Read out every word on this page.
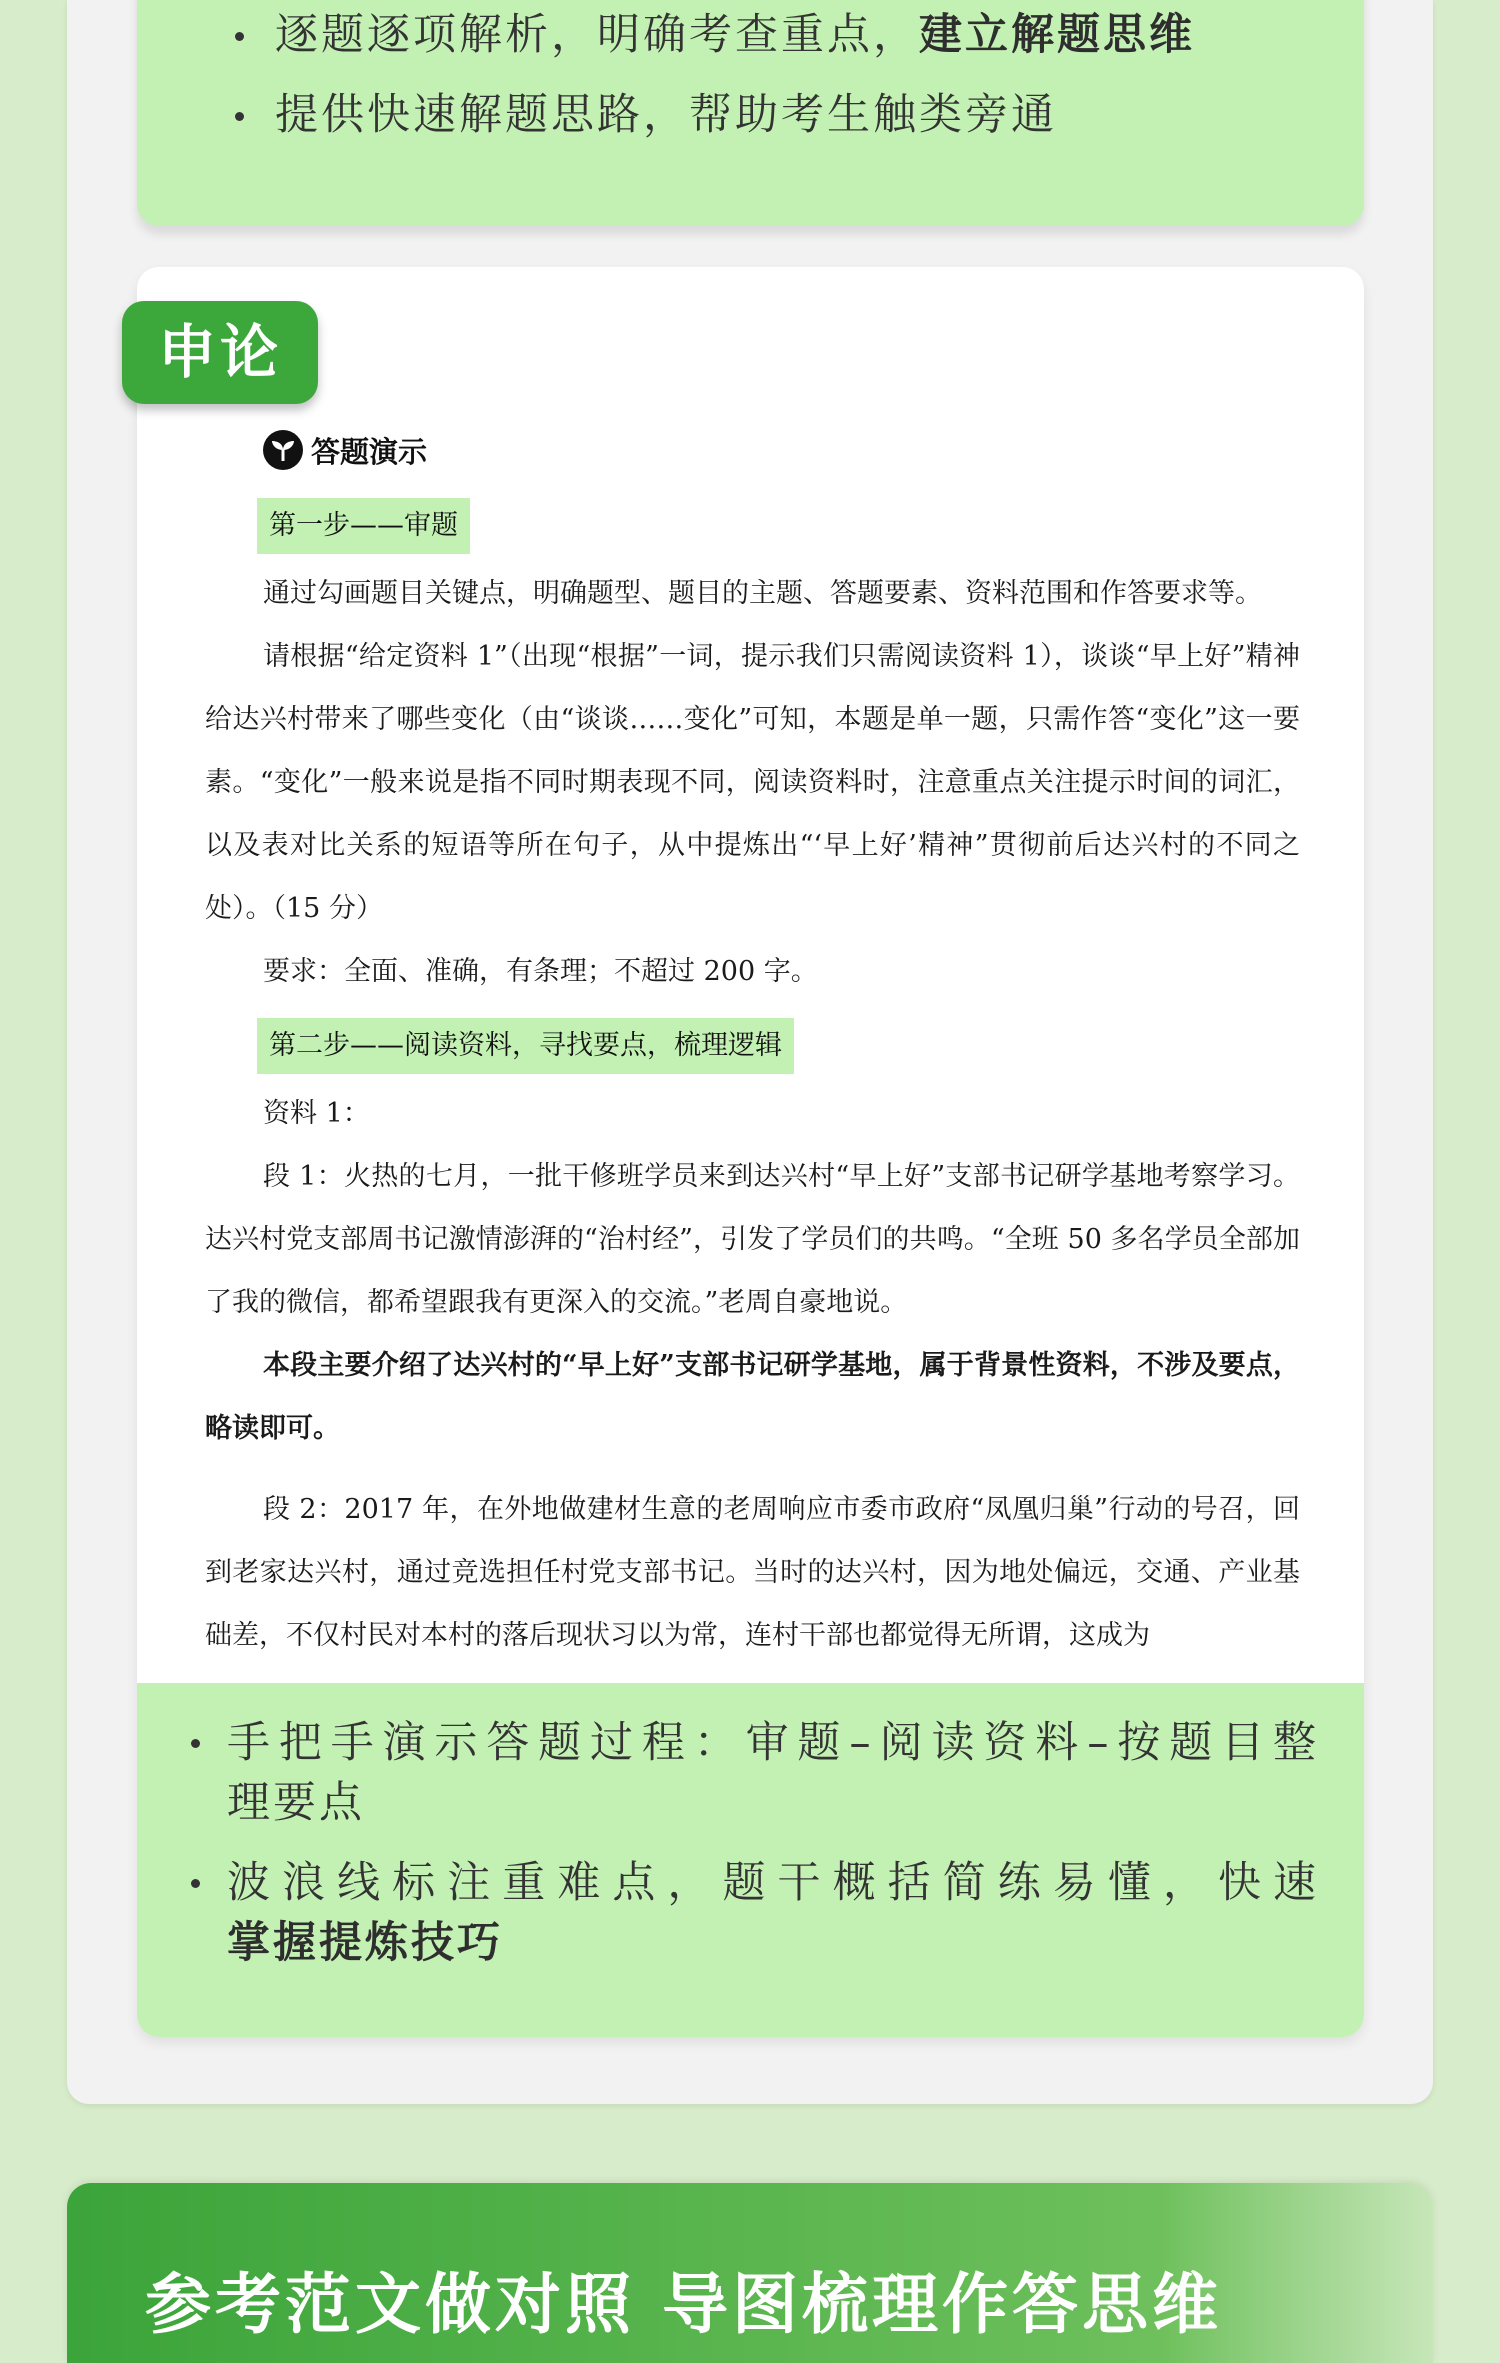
逐题逐项解析，明确考查重点，建立解题思维
提供快速解题思路，帮助考生触类旁通
手把手演示答题过程：审题–阅读资料–按题目整
理要点
波浪线标注重难点，题干概括简练易懂，快速
掌握提炼技巧
答题演示
第一步——审题

通过勾画题目关键点，明确题型、题目的主题、答题要素、资料范围和作答要求等。

请根据“给定资料 1”（出现“根据”一词，提示我们只需阅读资料 1），谈谈“早上好”精神给达兴村带来了哪些变化（由“谈谈……变化”可知，本题是单一题，只需作答“变化”这一要素。“变化”一般来说是指不同时期表现不同，阅读资料时，注意重点关注提示时间的词汇，以及表对比关系的短语等所在句子，从中提炼出“‘早上好’精神”贯彻前后达兴村的不同之处）。（15 分）

要求：全面、准确，有条理；不超过 200 字。

第二步——阅读资料，寻找要点，梳理逻辑

资料 1：

段 1：火热的七月，一批干修班学员来到达兴村“早上好”支部书记研学基地考察学习。达兴村党支部周书记激情澎湃的“治村经”，引发了学员们的共鸣。“全班 50 多名学员全部加了我的微信，都希望跟我有更深入的交流。”老周自豪地说。

本段主要介绍了达兴村的“早上好”支部书记研学基地，属于背景性资料，不涉及要点，略读即可。

段 2：2017 年，在外地做建材生意的老周响应市委市政府“凤凰归巢”行动的号召，回到老家达兴村，通过竞选担任村党支部书记。当时的达兴村，因为地处偏远，交通、产业基础差，不仅村民对本村的落后现状习以为常，连村干部也都觉得无所谓，这成为

申论
参考范文做对照 导图梳理作答思维
